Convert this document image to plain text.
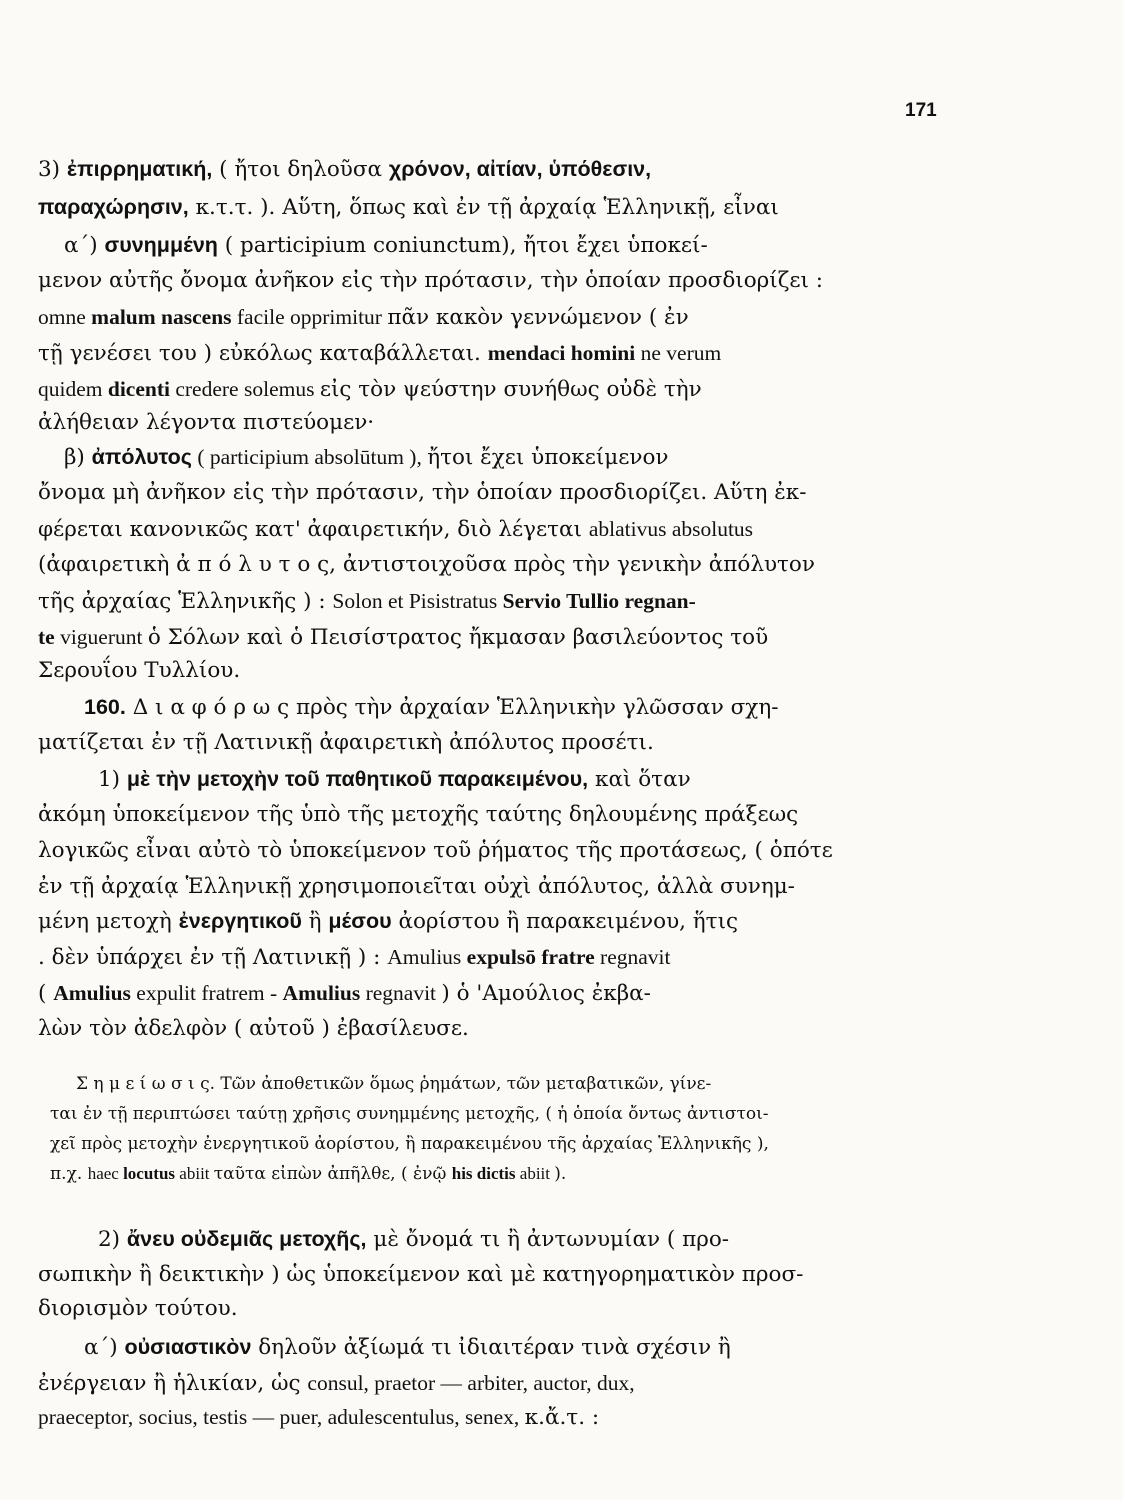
171
3) ἐπιρρηματική, ( ἤτοι δηλοῦσα χρόνον, αἰτίαν, ὑπόθεσιν,
παραχώρησιν, κ.τ.τ. ). Αὕτη, ὅπως καὶ ἐν τῇ ἀρχαίᾳ Ἑλληνικῇ, εἶναι
α΄) συνημμένη ( participium coniunctum), ἤτοι ἔχει ὑποκεί-
μενον αὐτῆς ὄνομα ἀνῆκον εἰς τὴν πρότασιν, τὴν ὁποίαν προσδιορίζει :
omne malum nascens facile opprimitur πᾶν κακὸν γεννώμενον ( ἐν
τῇ γενέσει του ) εὐκόλως καταβάλλεται. mendaci homini ne verum
quidem dicenti credere solemus εἰς τὸν ψεύστην συνήθως οὐδὲ τὴν
ἀλήθειαν λέγοντα πιστεύομεν·
β) ἀπόλυτος ( participium absolūtum ), ἤτοι ἔχει ὑποκείμενον
ὄνομα μὴ ἀνῆκον εἰς τὴν πρότασιν, τὴν ὁποίαν προσδιορίζει. Αὕτη ἐκ-
φέρεται κανονικῶς κατ' ἀφαιρετικήν, διὸ λέγεται ablativus absolutus
(ἀφαιρετικὴ ἀ π ό λ υ τ ο ς, ἀντιστοιχοῦσα πρὸς τὴν γενικὴν ἀπόλυτον
τῆς ἀρχαίας Ἑλληνικῆς ) : Solon et Pisistratus Servio Tullio regnan-
te viguerunt ὁ Σόλων καὶ ὁ Πεισίστρατος ἤκμασαν βασιλεύοντος τοῦ
Σερουΐου Τυλλίου.
160. Δ ι α φ ό ρ ω ς πρὸς τὴν ἀρχαίαν Ἑλληνικὴν γλῶσσαν σχη-
ματίζεται ἐν τῇ Λατινικῇ ἀφαιρετικὴ ἀπόλυτος προσέτι.
1) μὲ τὴν μετοχὴν τοῦ παθητικοῦ παρακειμένου, καὶ ὅταν
ἀκόμη ὑποκείμενον τῆς ὑπὸ τῆς μετοχῆς ταύτης δηλουμένης πράξεως
λογικῶς εἶναι αὐτὸ τὸ ὑποκείμενον τοῦ ῥήματος τῆς προτάσεως, ( ὁπότε
ἐν τῇ ἀρχαίᾳ Ἑλληνικῇ χρησιμοποιεῖται οὐχὶ ἀπόλυτος, ἀλλὰ συνημ-
μένη μετοχὴ ἐνεργητικοῦ ἢ μέσου ἀορίστου ἢ παρακειμένου, ἥτις
. δὲν ὑπάρχει ἐν τῇ Λατινικῇ ) : Amulius expulsō fratre regnavit
( Amulius expulit fratrem - Amulius regnavit ) ὁ 'Αμούλιος ἐκβα-
λὼν τὸν ἀδελφὸν ( αὐτοῦ ) ἐβασίλευσε.
Σ η μ ε ί ω σ ι ς. Τῶν ἀποθετικῶν ὅμως ῥημάτων, τῶν μεταβατικῶν, γίνε-
ται ἐν τῇ περιπτώσει ταύτῃ χρῆσις συνημμένης μετοχῆς, ( ἡ ὁποία ὄντως ἀντιστοι-
χεῖ πρὸς μετοχὴν ἐνεργητικοῦ ἀορίστου, ἢ παρακειμένου τῆς ἀρχαίας Ἑλληνικῆς ),
π.χ. haec locutus abiit ταῦτα εἰπὼν ἀπῆλθε, ( ἐνῷ his dictis abiit ).
2) ἄνευ οὐδεμιᾶς μετοχῆς, μὲ ὄνομά τι ἢ ἀντωνυμίαν ( προ-
σωπικὴν ἢ δεικτικὴν ) ὡς ὑποκείμενον καὶ μὲ κατηγορηματικὸν προσ-
διορισμὸν τούτου.
α΄) οὐσιαστικὸν δηλοῦν ἀξίωμά τι ἰδιαιτέραν τινὰ σχέσιν ἢ
ἐνέργειαν ἢ ἡλικίαν, ὡς consul, praetor — arbiter, auctor, dux,
praeceptor, socius, testis — puer, adulescentulus, senex, κ.ἄ.τ. :
